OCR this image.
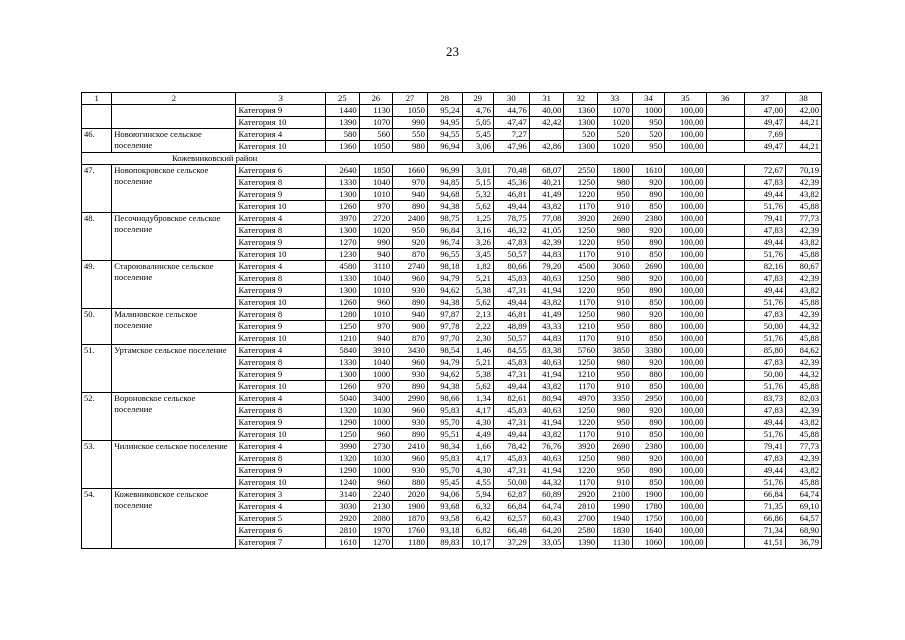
23
1	2	3	25	26	27	28	29	30	31	32	33	34	35	36	37	38
		Категория 9	1440	1130	1050	95,24	4,76	44,76	40,00	1360	1070	1000	100,00		47,00	42,00
		Категория 10	1390	1070	990	94,95	5,05	47,47	42,42	1300	1020	950	100,00		49,47	44,21
46.	Новоюгинское сельское поселение	Категория 4	580	560	550	94,55	5,45	7,27		520	520	520	100,00		7,69	
		Категория 10	1360	1050	980	96,94	3,06	47,96	42,86	1300	1020	950	100,00		49,47	44,21
Кожевниковский район																
47.	Новопокровское сельское поселение	Категория 6	2640	1850	1660	96,99	3,01	70,48	68,07	2550	1800	1610	100,00		72,67	70,19
		Категория 8	1330	1040	970	94,85	5,15	45,36	40,21	1250	980	920	100,00		47,83	42,39
		Категория 9	1300	1010	940	94,68	5,32	46,81	41,49	1220	950	890	100,00		49,44	43,82
		Категория 10	1260	970	890	94,38	5,62	49,44	43,82	1170	910	850	100,00		51,76	45,88
48.	Песочнодубровское сельское поселение	Категория 4	3970	2720	2400	98,75	1,25	78,75	77,08	3920	2690	2380	100,00		79,41	77,73
		Категория 8	1300	1020	950	96,84	3,16	46,32	41,05	1250	980	920	100,00		47,83	42,39
		Категория 9	1270	990	920	96,74	3,26	47,83	42,39	1220	950	890	100,00		49,44	43,82
		Категория 10	1230	940	870	96,55	3,45	50,57	44,83	1170	910	850	100,00		51,76	45,88
49.	Староювалинское сельское поселение	Категория 4	4580	3110	2740	98,18	1,82	80,66	79,20	4500	3060	2690	100,00		82,16	80,67
		Категория 8	1330	1040	960	94,79	5,21	45,83	40,63	1250	980	920	100,00		47,83	42,39
		Категория 9	1300	1010	930	94,62	5,38	47,31	41,94	1220	950	890	100,00		49,44	43,82
		Категория 10	1260	960	890	94,38	5,62	49,44	43,82	1170	910	850	100,00		51,76	45,88
50.	Малиновское сельское поселение	Категория 8	1280	1010	940	97,87	2,13	46,81	41,49	1250	980	920	100,00		47,83	42,39
		Категория 9	1250	970	900	97,78	2,22	48,89	43,33	1210	950	880	100,00		50,00	44,32
		Категория 10	1210	940	870	97,70	2,30	50,57	44,83	1170	910	850	100,00		51,76	45,88
51.	Уртамское сельское поселение	Категория 4	5840	3910	3430	98,54	1,46	84,55	83,38	5760	3850	3380	100,00		85,80	84,62
		Категория 8	1330	1040	960	94,79	5,21	45,83	40,63	1250	980	920	100,00		47,83	42,39
		Категория 9	1300	1000	930	94,62	5,38	47,31	41,94	1210	950	880	100,00		50,00	44,32
		Категория 10	1260	970	890	94,38	5,62	49,44	43,82	1170	910	850	100,00		51,76	45,88
52.	Вороновское сельское поселение	Категория 4	5040	3400	2990	98,66	1,34	82,61	80,94	4970	3350	2950	100,00		83,73	82,03
		Категория 8	1320	1030	960	95,83	4,17	45,83	40,63	1250	980	920	100,00		47,83	42,39
		Категория 9	1290	1000	930	95,70	4,30	47,31	41,94	1220	950	890	100,00		49,44	43,82
		Категория 10	1250	960	890	95,51	4,49	49,44	43,82	1170	910	850	100,00		51,76	45,88
53.	Чилинское сельское поселение	Категория 4	3990	2730	2410	98,34	1,66	78,42	76,76	3920	2690	2380	100,00		79,41	77,73
		Категория 8	1320	1030	960	95,83	4,17	45,83	40,63	1250	980	920	100,00		47,83	42,39
		Категория 9	1290	1000	930	95,70	4,30	47,31	41,94	1220	950	890	100,00		49,44	43,82
		Категория 10	1240	960	880	95,45	4,55	50,00	44,32	1170	910	850	100,00		51,76	45,88
54.	Кожевниковское сельское поселение	Категория 3	3140	2240	2020	94,06	5,94	62,87	60,89	2920	2100	1900	100,00		66,84	64,74
		Категория 4	3030	2130	1900	93,68	6,32	66,84	64,74	2810	1990	1780	100,00		71,35	69,10
		Категория 5	2920	2080	1870	93,58	6,42	62,57	60,43	2700	1940	1750	100,00		66,86	64,57
		Категория 6	2810	1970	1760	93,18	6,82	66,48	64,20	2580	1830	1640	100,00		71,34	68,90
		Категория 7	1610	1270	1180	89,83	10,17	37,29	33,05	1390	1130	1060	100,00		41,51	36,79
